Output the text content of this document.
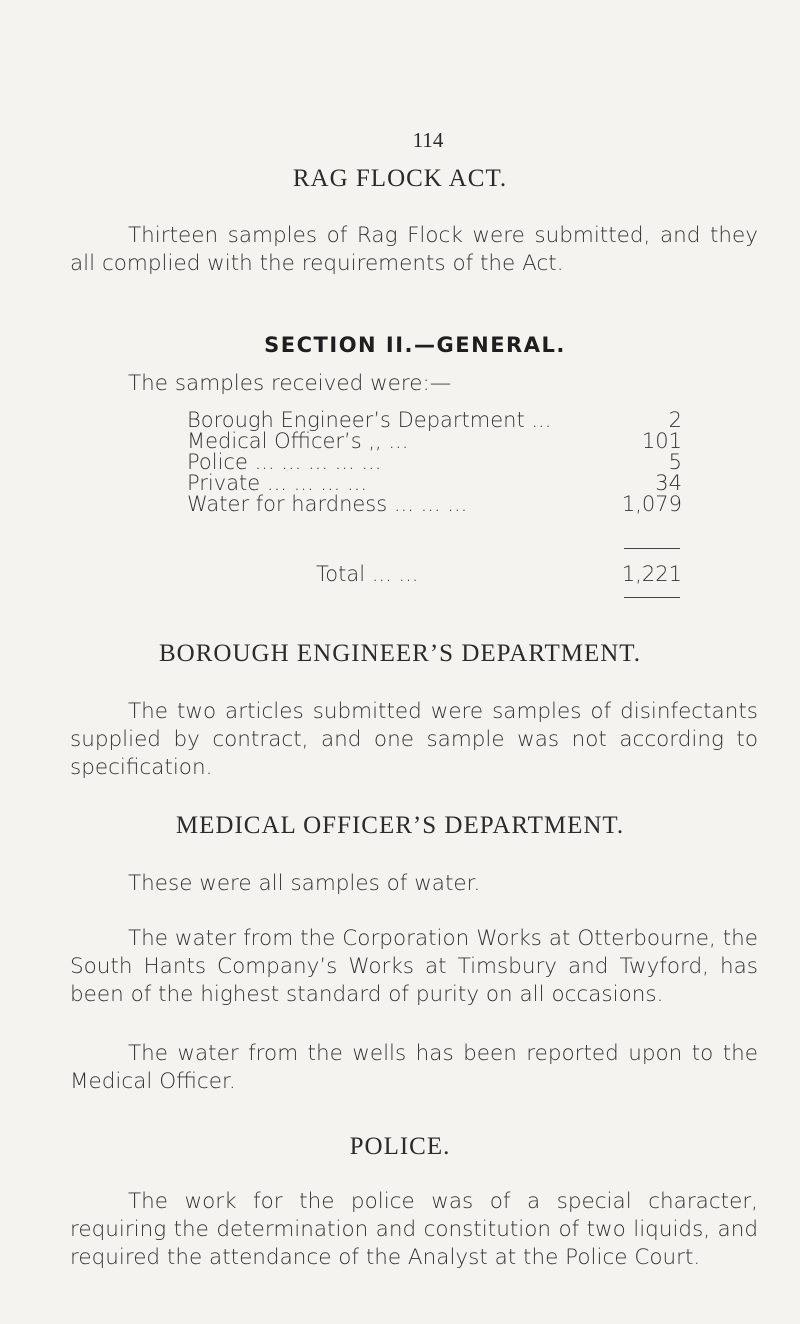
114
RAG FLOCK ACT.
Thirteen samples of Rag Flock were submitted, and they all complied with the requirements of the Act.
SECTION II.—GENERAL.
The samples received were:—
Borough Engineer’s Department ...	2
Medical Officer’s ,, ...	101
Police ... ... ... ... ...	5
Private ... ... ... ...	34
Water for hardness ... ... ...	1,079
Total ... ...	1,221
BOROUGH ENGINEER’S DEPARTMENT.
The two articles submitted were samples of disinfectants supplied by contract, and one sample was not according to specification.
MEDICAL OFFICER’S DEPARTMENT.
These were all samples of water.
The water from the Corporation Works at Otterbourne, the South Hants Company’s Works at Timsbury and Twyford, has been of the highest standard of purity on all occasions.
The water from the wells has been reported upon to the Medical Officer.
POLICE.
The work for the police was of a special character, requiring the determination and constitution of two liquids, and required the attendance of the Analyst at the Police Court.
